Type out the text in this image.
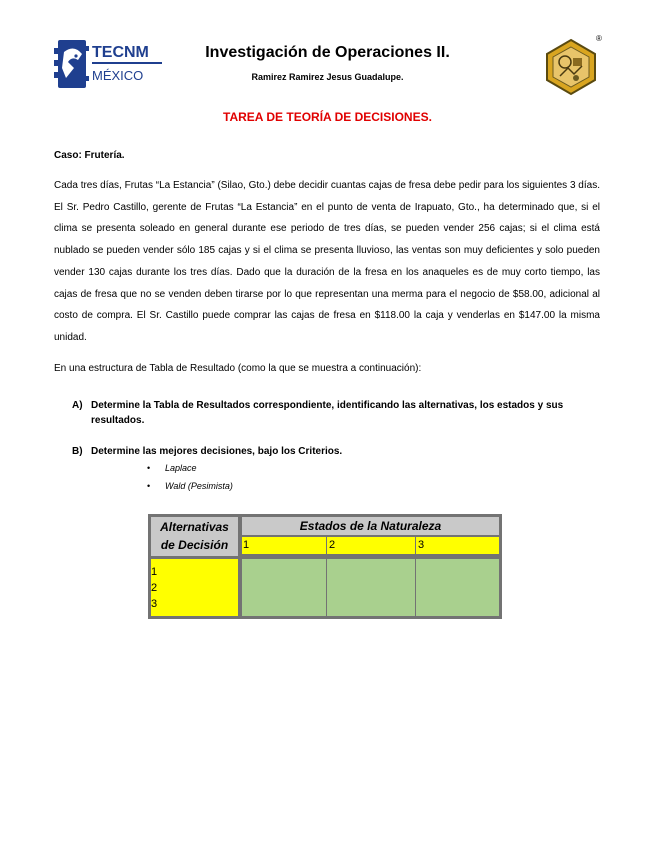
TECNM
MÉXICO
Investigación de Operaciones II.
Ramirez Ramirez Jesus Guadalupe.
®
TAREA DE TEORÍA DE DECISIONES.
Caso: Frutería.
Cada tres días, Frutas “La Estancia” (Silao, Gto.) debe decidir cuantas cajas de fresa debe pedir para los siguientes 3 días. El Sr. Pedro Castillo, gerente de Frutas “La Estancia” en el punto de venta de Irapuato, Gto., ha determinado que, si el clima se presenta soleado en general durante ese periodo de tres días, se pueden vender 256 cajas; si el clima está nublado se pueden vender sólo 185 cajas y si el clima se presenta lluvioso, las ventas son muy deficientes y solo pueden vender 130 cajas durante los tres días. Dado que la duración de la fresa en los anaqueles es de muy corto tiempo, las cajas de fresa que no se venden deben tirarse por lo que representan una merma para el negocio de $58.00, adicional al costo de compra. El Sr. Castillo puede comprar las cajas de fresa en $118.00 la caja y venderlas en $147.00 la misma unidad.
En una estructura de Tabla de Resultado (como la que se muestra a continuación):
A) Determine la Tabla de Resultados correspondiente, identificando las alternativas, los estados y sus resultados.
B) Determine las mejores decisiones, bajo los Criterios.
• Laplace
• Wald (Pesimista)
Alternativas
de Decisión
Estados de la Naturaleza
1	2	3
1
2
3
